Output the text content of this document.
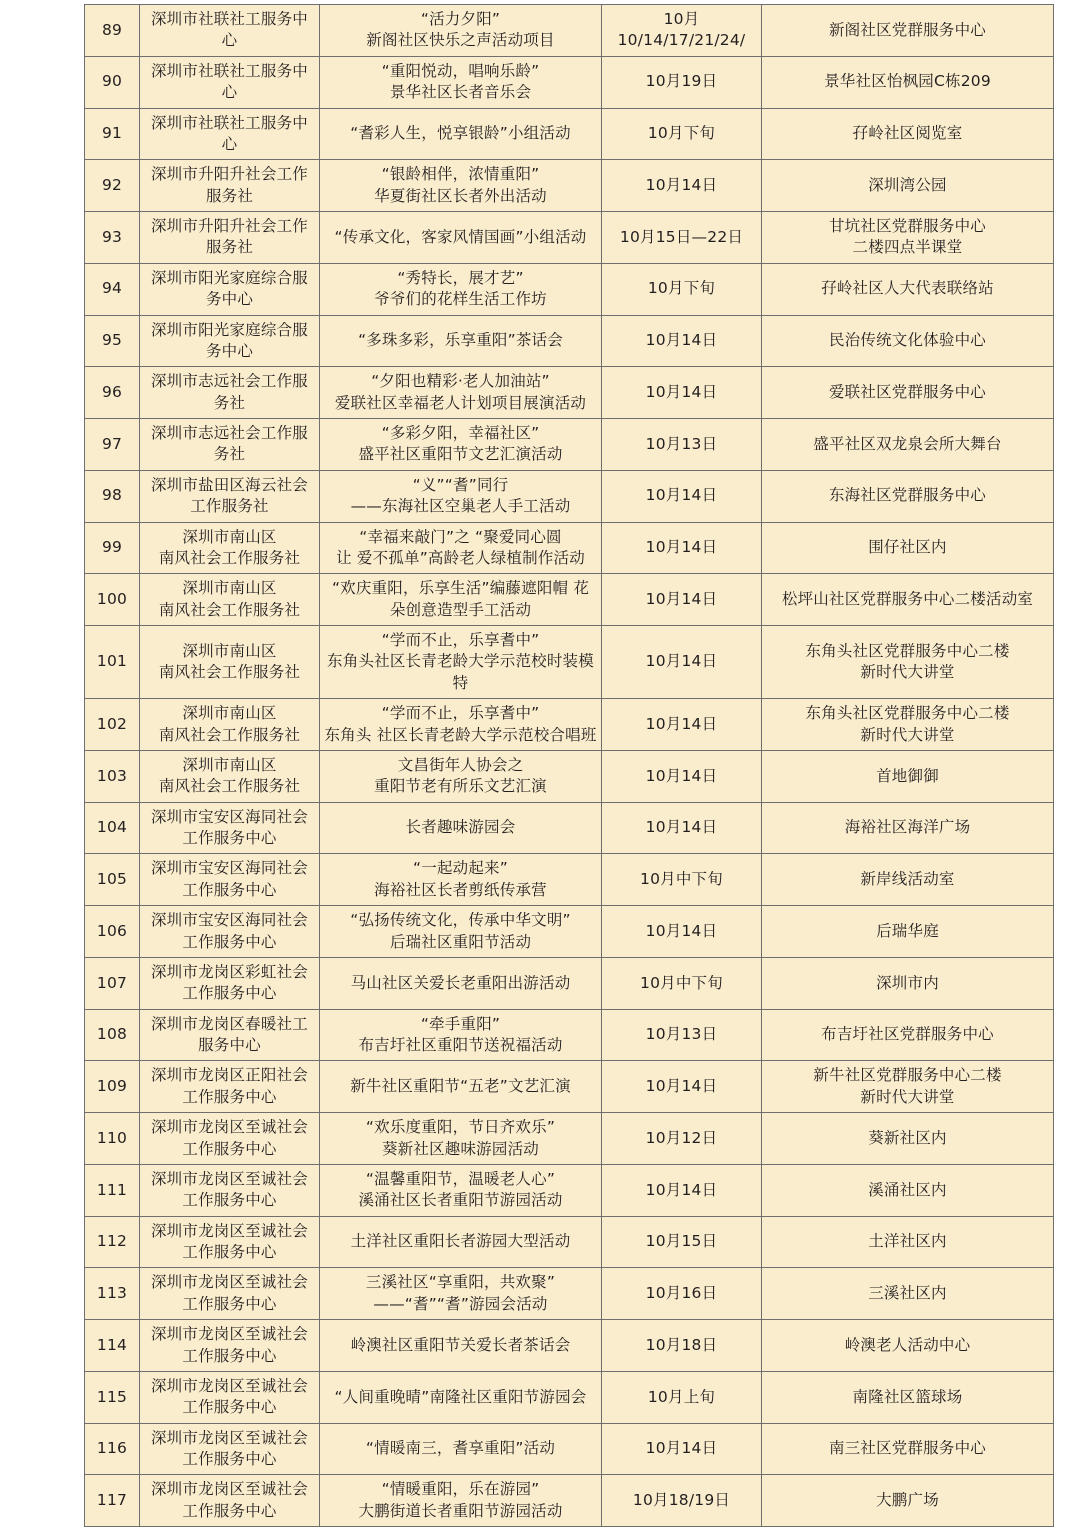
89	深圳市社联社工服务中
心	“活力夕阳”
新阁社区快乐之声活动项目	10月
10/14/17/21/24/	新阁社区党群服务中心

90	深圳市社联社工服务中
心	“重阳悦动，唱响乐龄”
景华社区长者音乐会	10月19日	景华社区怡枫园C栋209

91	深圳市社联社工服务中
心	“耆彩人生，悦享银龄”小组活动	10月下旬	孖岭社区阅览室

92	深圳市升阳升社会工作
服务社	“银龄相伴，浓情重阳”
华夏街社区长者外出活动	10月14日	深圳湾公园

93	深圳市升阳升社会工作
服务社	“传承文化，客家风情国画”小组活动	10月15日—22日	甘坑社区党群服务中心
二楼四点半课堂

94	深圳市阳光家庭综合服
务中心	“秀特长，展才艺”
爷爷们的花样生活工作坊	10月下旬	孖岭社区人大代表联络站

95	深圳市阳光家庭综合服
务中心	“多珠多彩，乐享重阳”茶话会	10月14日	民治传统文化体验中心

96	深圳市志远社会工作服
务社	“夕阳也精彩·老人加油站”
爱联社区幸福老人计划项目展演活动	10月14日	爱联社区党群服务中心

97	深圳市志远社会工作服
务社	“多彩夕阳，幸福社区”
盛平社区重阳节文艺汇演活动	10月13日	盛平社区双龙泉会所大舞台

98	深圳市盐田区海云社会
工作服务社	“义”“耆”同行
——东海社区空巢老人手工活动	10月14日	东海社区党群服务中心

99	深圳市南山区
南风社会工作服务社	“幸福来敲门”之 “聚爱同心圆
让 爱不孤单”高龄老人绿植制作活动	10月14日	围仔社区内

100	深圳市南山区
南风社会工作服务社	“欢庆重阳，乐享生活”编藤遮阳帽 花
朵创意造型手工活动	10月14日	松坪山社区党群服务中心二楼活动室

101	深圳市南山区
南风社会工作服务社	“学而不止，乐享耆中”
东角头社区长青老龄大学示范校时装模特	10月14日	东角头社区党群服务中心二楼
新时代大讲堂

102	深圳市南山区
南风社会工作服务社	“学而不止，乐享耆中”
东角头 社区长青老龄大学示范校合唱班	10月14日	东角头社区党群服务中心二楼
新时代大讲堂

103	深圳市南山区
南风社会工作服务社	文昌街年人协会之
重阳节老有所乐文艺汇演	10月14日	首地御御

104	深圳市宝安区海同社会
工作服务中心	长者趣味游园会	10月14日	海裕社区海洋广场

105	深圳市宝安区海同社会
工作服务中心	“一起动起来”
海裕社区长者剪纸传承营	10月中下旬	新岸线活动室

106	深圳市宝安区海同社会
工作服务中心	“弘扬传统文化，传承中华文明”
后瑞社区重阳节活动	10月14日	后瑞华庭

107	深圳市龙岗区彩虹社会
工作服务中心	马山社区关爱长老重阳出游活动	10月中下旬	深圳市内

108	深圳市龙岗区春暖社工
服务中心	“牵手重阳”
布吉圩社区重阳节送祝福活动	10月13日	布吉圩社区党群服务中心

109	深圳市龙岗区正阳社会
工作服务中心	新牛社区重阳节“五老”文艺汇演	10月14日	新牛社区党群服务中心二楼
新时代大讲堂

110	深圳市龙岗区至诚社会
工作服务中心	“欢乐度重阳，节日齐欢乐”
葵新社区趣味游园活动	10月12日	葵新社区内

111	深圳市龙岗区至诚社会
工作服务中心	“温馨重阳节，温暖老人心”
溪涌社区长者重阳节游园活动	10月14日	溪涌社区内

112	深圳市龙岗区至诚社会
工作服务中心	土洋社区重阳长者游园大型活动	10月15日	土洋社区内

113	深圳市龙岗区至诚社会
工作服务中心	三溪社区“享重阳，共欢聚”
——“耆”“耆”游园会活动	10月16日	三溪社区内

114	深圳市龙岗区至诚社会
工作服务中心	岭澳社区重阳节关爱长者茶话会	10月18日	岭澳老人活动中心

115	深圳市龙岗区至诚社会
工作服务中心	“人间重晚晴”南隆社区重阳节游园会	10月上旬	南隆社区篮球场

116	深圳市龙岗区至诚社会
工作服务中心	“情暖南三，耆享重阳”活动	10月14日	南三社区党群服务中心

117	深圳市龙岗区至诚社会
工作服务中心	“情暖重阳，乐在游园”
大鹏街道长者重阳节游园活动	10月18/19日	大鹏广场
